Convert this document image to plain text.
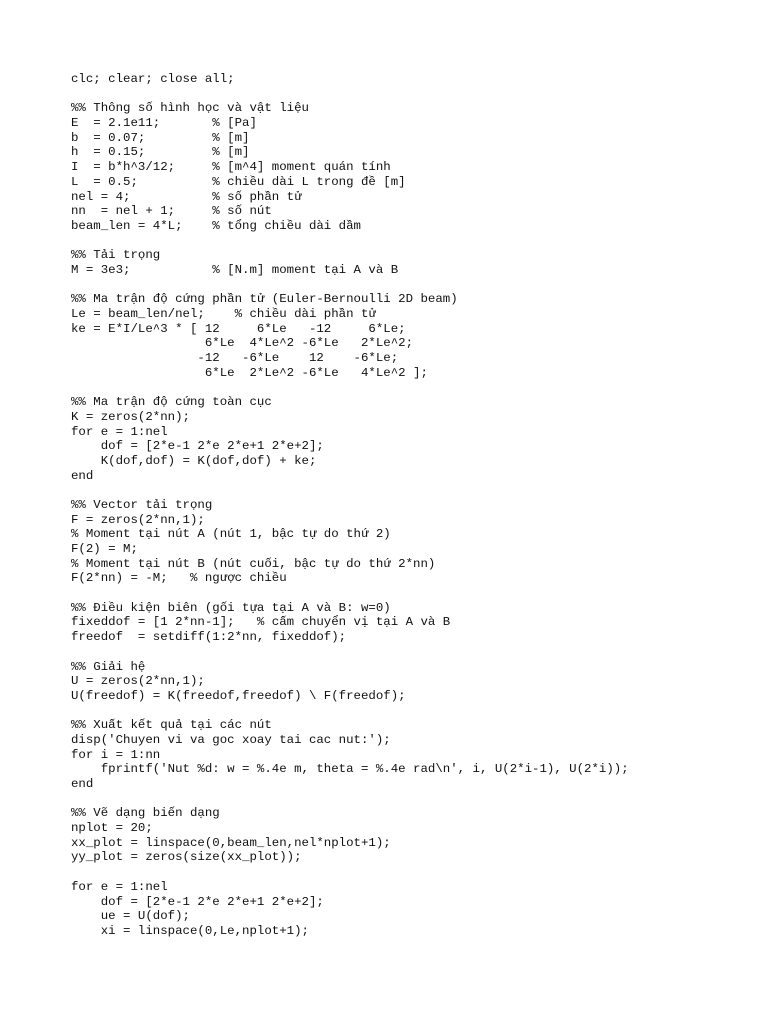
clc; clear; close all;
%% Thông số hình học và vật liệu
E  = 2.1e11;       % [Pa]
b  = 0.07;         % [m]
h  = 0.15;         % [m]
I  = b*h^3/12;     % [m^4] moment quán tính
L  = 0.5;          % chiều dài L trong đề [m]
nel = 4;           % số phần tử
nn  = nel + 1;     % số nút
beam_len = 4*L;    % tổng chiều dài dầm
%% Tải trọng
M = 3e3;           % [N.m] moment tại A và B
%% Ma trận độ cứng phần tử (Euler-Bernoulli 2D beam)
Le = beam_len/nel;    % chiều dài phần tử
ke = E*I/Le^3 * [ 12     6*Le   -12     6*Le;
6*Le  4*Le^2 -6*Le   2*Le^2;
-12   -6*Le    12    -6*Le;
6*Le  2*Le^2 -6*Le   4*Le^2 ];
%% Ma trận độ cứng toàn cục
K = zeros(2*nn);
for e = 1:nel
dof = [2*e-1 2*e 2*e+1 2*e+2];
K(dof,dof) = K(dof,dof) + ke;
end
%% Vector tải trọng
F = zeros(2*nn,1);
% Moment tại nút A (nút 1, bậc tự do thứ 2)
F(2) = M;
% Moment tại nút B (nút cuối, bậc tự do thứ 2*nn)
F(2*nn) = -M;   % ngược chiều
%% Điều kiện biên (gối tựa tại A và B: w=0)
fixeddof = [1 2*nn-1];   % cấm chuyển vị tại A và B
freedof  = setdiff(1:2*nn, fixeddof);
%% Giải hệ
U = zeros(2*nn,1);
U(freedof) = K(freedof,freedof) \ F(freedof);
%% Xuất kết quả tại các nút
disp('Chuyen vi va goc xoay tai cac nut:');
for i = 1:nn
fprintf('Nut %d: w = %.4e m, theta = %.4e rad\n', i, U(2*i-1), U(2*i));
end
%% Vẽ dạng biến dạng
nplot = 20;
xx_plot = linspace(0,beam_len,nel*nplot+1);
yy_plot = zeros(size(xx_plot));
for e = 1:nel
dof = [2*e-1 2*e 2*e+1 2*e+2];
ue = U(dof);
xi = linspace(0,Le,nplot+1);
